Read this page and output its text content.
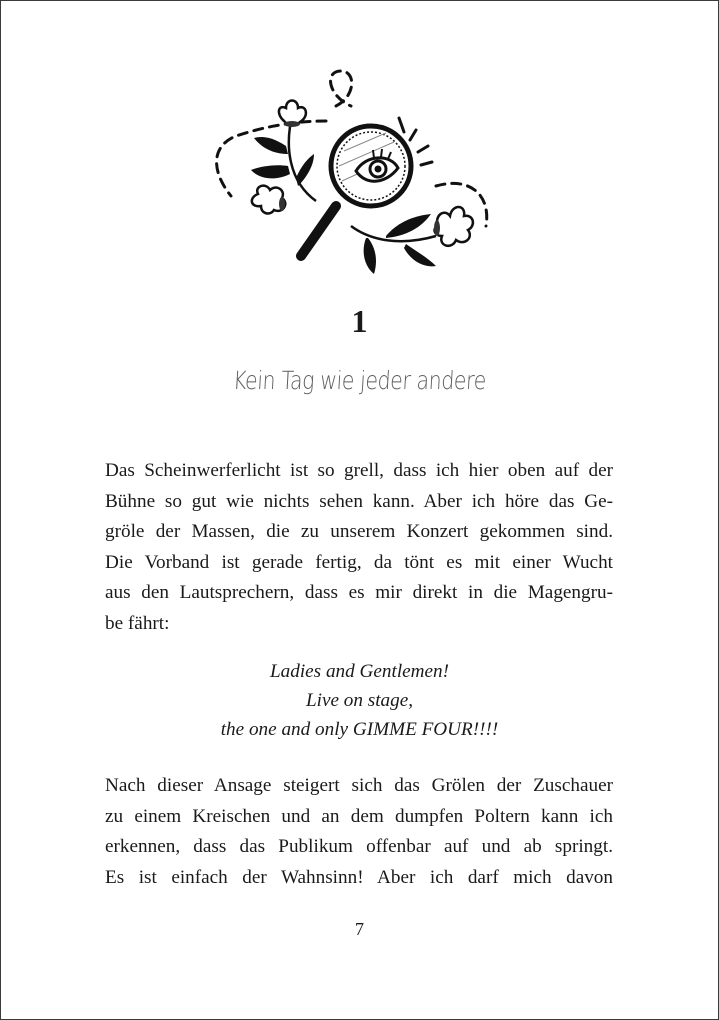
1
Kein Tag wie jeder andere
Das Scheinwerferlicht ist so grell, dass ich hier oben auf der
Bühne so gut wie nichts sehen kann. Aber ich höre das Ge-
gröle der Massen, die zu unserem Konzert gekommen sind.
Die Vorband ist gerade fertig, da tönt es mit einer Wucht
aus den Lautsprechern, dass es mir direkt in die Magengru-
be fährt:
Ladies and Gentlemen!
Live on stage,
the one and only GIMME FOUR!!!!
Nach dieser Ansage steigert sich das Grölen der Zuschauer
zu einem Kreischen und an dem dumpfen Poltern kann ich
erkennen, dass das Publikum offenbar auf und ab springt.
Es ist einfach der Wahnsinn! Aber ich darf mich davon
7
